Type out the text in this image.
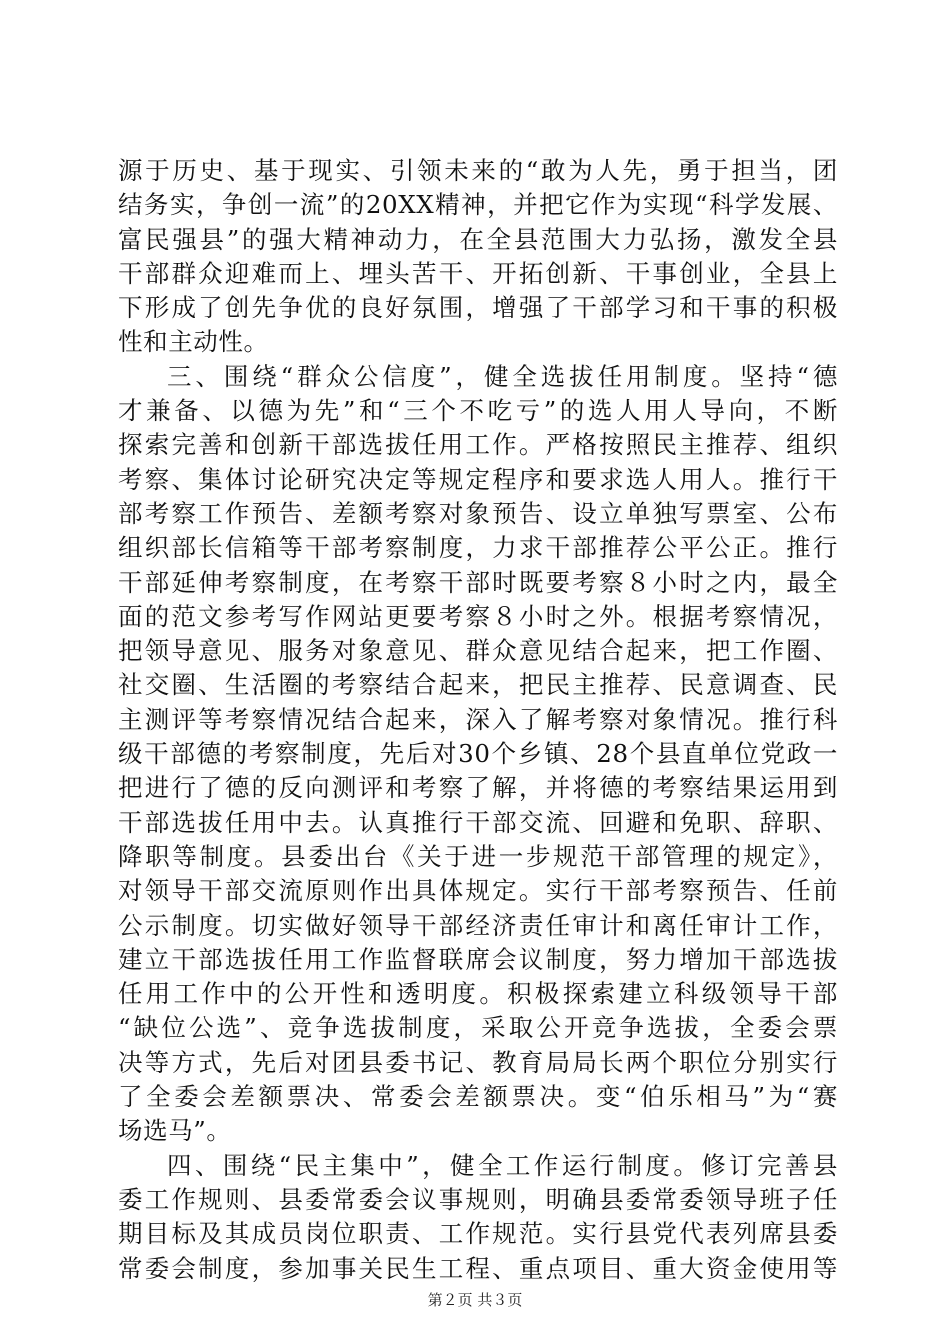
源于历史、基于现实、引领未来的“敢为人先，勇于担当，团
结务实，争创一流”的20XX精神，并把它作为实现“科学发展、
富民强县”的强大精神动力，在全县范围大力弘扬，激发全县
干部群众迎难而上、埋头苦干、开拓创新、干事创业，全县上
下形成了创先争优的良好氛围，增强了干部学习和干事的积极
性和主动性。
三、围绕“群众公信度”，健全选拔任用制度。坚持“德
才兼备、以德为先”和“三个不吃亏”的选人用人导向，不断
探索完善和创新干部选拔任用工作。严格按照民主推荐、组织
考察、集体讨论研究决定等规定程序和要求选人用人。推行干
部考察工作预告、差额考察对象预告、设立单独写票室、公布
组织部长信箱等干部考察制度，力求干部推荐公平公正。推行
干部延伸考察制度，在考察干部时既要考察８小时之内，最全
面的范文参考写作网站更要考察８小时之外。根据考察情况，
把领导意见、服务对象意见、群众意见结合起来，把工作圈、
社交圈、生活圈的考察结合起来，把民主推荐、民意调查、民
主测评等考察情况结合起来，深入了解考察对象情况。推行科
级干部德的考察制度，先后对30个乡镇、28个县直单位党政一
把进行了德的反向测评和考察了解，并将德的考察结果运用到
干部选拔任用中去。认真推行干部交流、回避和免职、辞职、
降职等制度。县委出台《关于进一步规范干部管理的规定》，
对领导干部交流原则作出具体规定。实行干部考察预告、任前
公示制度。切实做好领导干部经济责任审计和离任审计工作，
建立干部选拔任用工作监督联席会议制度，努力增加干部选拔
任用工作中的公开性和透明度。积极探索建立科级领导干部
“缺位公选”、竞争选拔制度，采取公开竞争选拔，全委会票
决等方式，先后对团县委书记、教育局局长两个职位分别实行
了全委会差额票决、常委会差额票决。变“伯乐相马”为“赛
场选马”。
四、围绕“民主集中”，健全工作运行制度。修订完善县
委工作规则、县委常委会议事规则，明确县委常委领导班子任
期目标及其成员岗位职责、工作规范。实行县党代表列席县委
常委会制度，参加事关民生工程、重点项目、重大资金使用等
第２页 共３页
